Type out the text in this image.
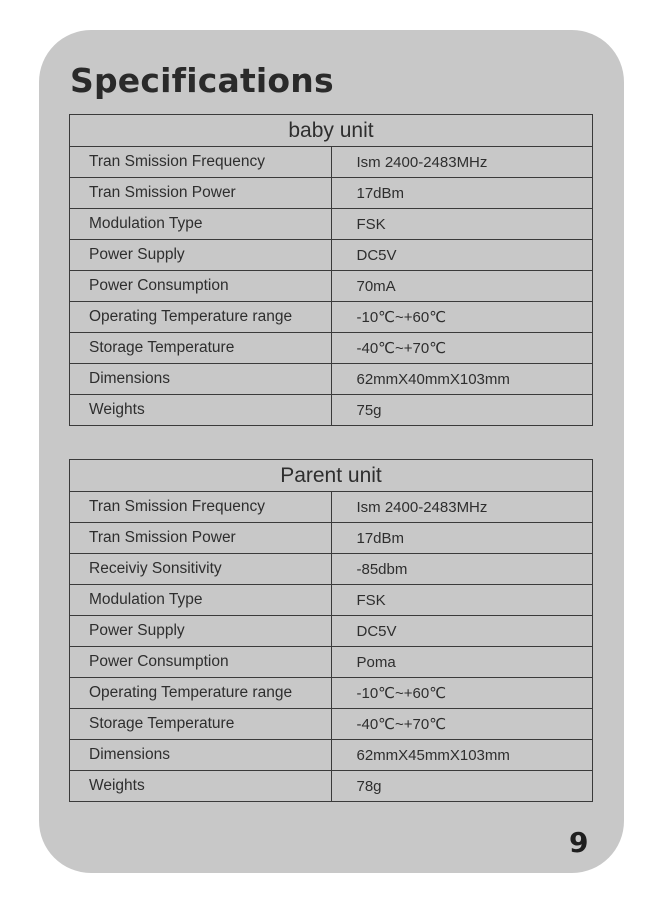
Specifications
baby unit	
Tran Smission Frequency	Ism 2400-2483MHz
Tran Smission Power	17dBm
Modulation Type	FSK
Power Supply	DC5V
Power Consumption	70mA
Operating Temperature range	-10℃~+60℃
Storage Temperature	-40℃~+70℃
Dimensions	62mmX40mmX103mm
Weights	75g
Parent unit	
Tran Smission Frequency	Ism 2400-2483MHz
Tran Smission Power	17dBm
Receiviy Sonsitivity	-85dbm
Modulation Type	FSK
Power Supply	DC5V
Power Consumption	Poma
Operating Temperature range	-10℃~+60℃
Storage Temperature	-40℃~+70℃
Dimensions	62mmX45mmX103mm
Weights	78g
9
